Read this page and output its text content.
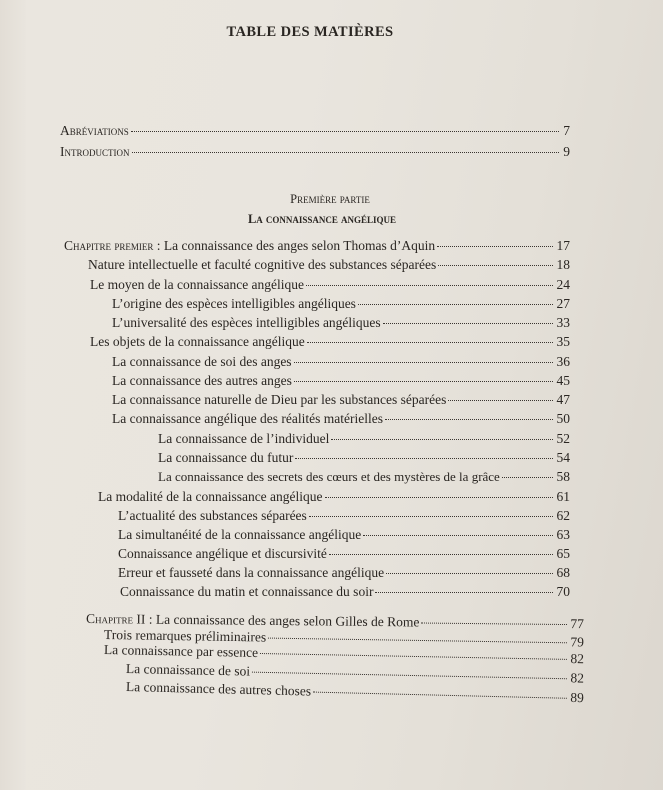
TABLE DES MATIÈRES
Abréviations	7
Introduction	9
Première partie
La connaissance angélique
Chapitre premier : La connaissance des anges selon Thomas d’Aquin	17
Nature intellectuelle et faculté cognitive des substances séparées	18
Le moyen de la connaissance angélique	24
L’origine des espèces intelligibles angéliques	27
L’universalité des espèces intelligibles angéliques	33
Les objets de la connaissance angélique	35
La connaissance de soi des anges	36
La connaissance des autres anges	45
La connaissance naturelle de Dieu par les substances séparées	47
La connaissance angélique des réalités matérielles	50
La connaissance de l’individuel	52
La connaissance du futur	54
La connaissance des secrets des cœurs et des mystères de la grâce	58
La modalité de la connaissance angélique	61
L’actualité des substances séparées	62
La simultanéité de la connaissance angélique	63
Connaissance angélique et discursivité	65
Erreur et fausseté dans la connaissance angélique	68
Connaissance du matin et connaissance du soir	70
Chapitre II : La connaissance des anges selon Gilles de Rome	77
Trois remarques préliminaires	79
La connaissance par essence	82
La connaissance de soi	82
La connaissance des autres choses	89
